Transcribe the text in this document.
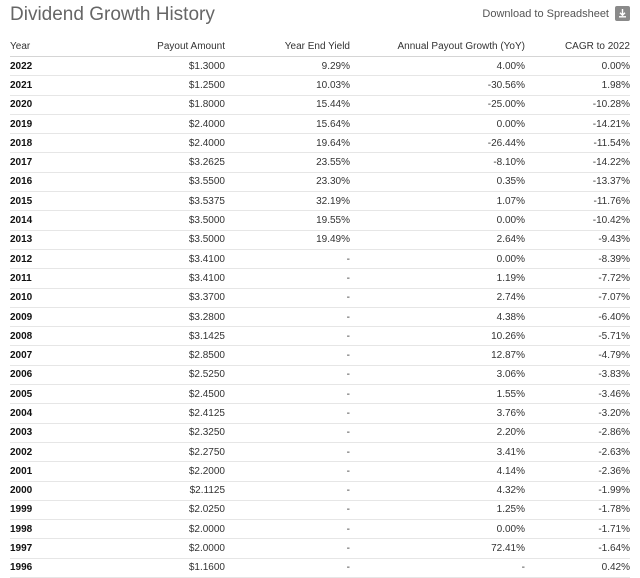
Dividend Growth History	Download to Spreadsheet
Year	Payout Amount	Year End Yield	Annual Payout Growth (YoY)	CAGR to 2022
2022	$1.3000	9.29%	4.00%	0.00%
2021	$1.2500	10.03%	-30.56%	1.98%
2020	$1.8000	15.44%	-25.00%	-10.28%
2019	$2.4000	15.64%	0.00%	-14.21%
2018	$2.4000	19.64%	-26.44%	-11.54%
2017	$3.2625	23.55%	-8.10%	-14.22%
2016	$3.5500	23.30%	0.35%	-13.37%
2015	$3.5375	32.19%	1.07%	-11.76%
2014	$3.5000	19.55%	0.00%	-10.42%
2013	$3.5000	19.49%	2.64%	-9.43%
2012	$3.4100	-	0.00%	-8.39%
2011	$3.4100	-	1.19%	-7.72%
2010	$3.3700	-	2.74%	-7.07%
2009	$3.2800	-	4.38%	-6.40%
2008	$3.1425	-	10.26%	-5.71%
2007	$2.8500	-	12.87%	-4.79%
2006	$2.5250	-	3.06%	-3.83%
2005	$2.4500	-	1.55%	-3.46%
2004	$2.4125	-	3.76%	-3.20%
2003	$2.3250	-	2.20%	-2.86%
2002	$2.2750	-	3.41%	-2.63%
2001	$2.2000	-	4.14%	-2.36%
2000	$2.1125	-	4.32%	-1.99%
1999	$2.0250	-	1.25%	-1.78%
1998	$2.0000	-	0.00%	-1.71%
1997	$2.0000	-	72.41%	-1.64%
1996	$1.1600	-	-	0.42%
